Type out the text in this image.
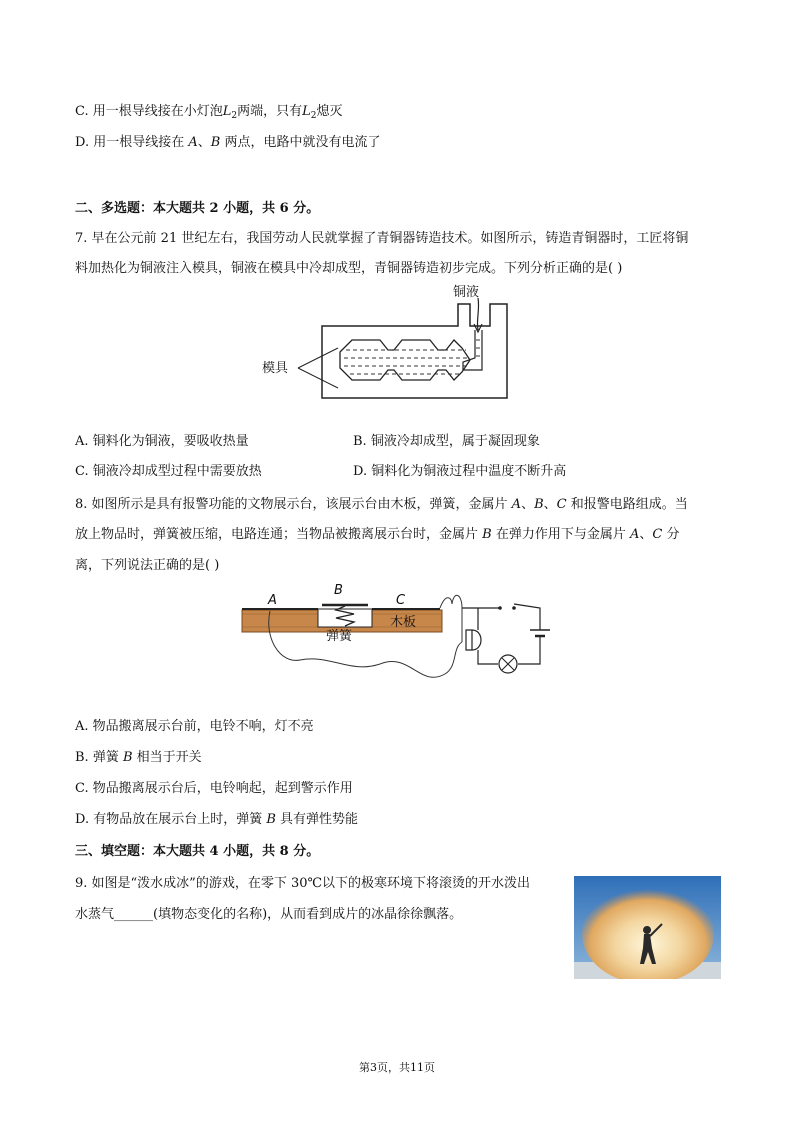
C. 用一根导线接在小灯泡$L_2$两端，只有$L_2$熄灭
D. 用一根导线接在 A、B 两点，电路中就没有电流了
二、多选题：本大题共 2 小题，共 6 分。
7. 早在公元前 21 世纪左右，我国劳动人民就掌握了青铜器铸造技术。如图所示，铸造青铜器时，工匠将铜
料加热化为铜液注入模具，铜液在模具中冷却成型，青铜器铸造初步完成。下列分析正确的是( )
铜液
模具
A. 铜料化为铜液，要吸收热量	B. 铜液冷却成型，属于凝固现象
C. 铜液冷却成型过程中需要放热	D. 铜料化为铜液过程中温度不断升高
8. 如图所示是具有报警功能的文物展示台，该展示台由木板，弹簧，金属片 A、B、C 和报警电路组成。当
放上物品时，弹簧被压缩，电路连通；当物品被搬离展示台时，金属片 B 在弹力作用下与金属片 A、C 分
离，下列说法正确的是( )
A
B
C
弹簧
木板
A. 物品搬离展示台前，电铃不响，灯不亮
B. 弹簧 B 相当于开关
C. 物品搬离展示台后，电铃响起，起到警示作用
D. 有物品放在展示台上时，弹簧 B 具有弹性势能
三、填空题：本大题共 4 小题，共 8 分。
9. 如图是“泼水成冰”的游戏，在零下 30℃以下的极寒环境下将滚烫的开水泼出
水蒸气______(填物态变化的名称)，从而看到成片的冰晶徐徐飘落。
第3页，共11页
